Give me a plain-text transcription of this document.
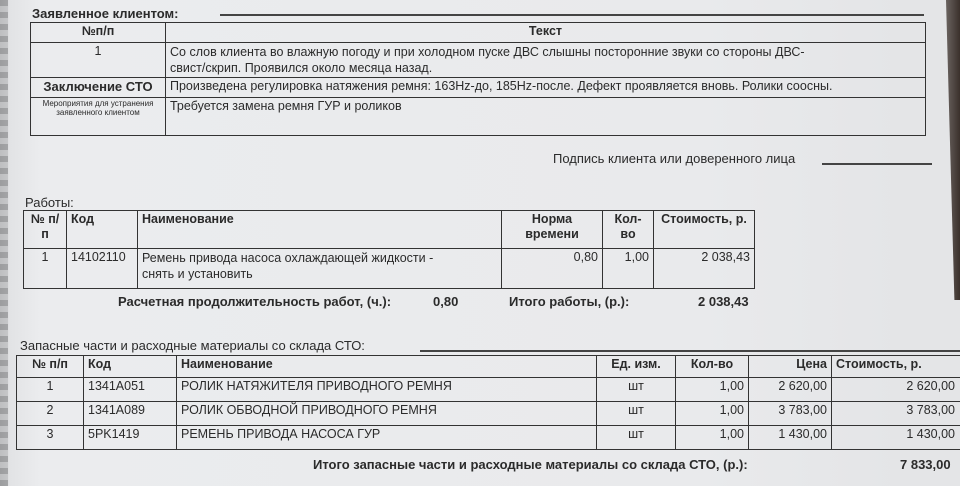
Заявленное клиентом:
№п/п	Текст
1	Со слов клиента во влажную погоду и при холодном пуске ДВС слышны посторонние звуки со стороны ДВС-
свист/скрип. Проявился около месяца назад.

Заключение СТО	Произведена регулировка натяжения ремня: 163Hz-до, 185Hz-после. Дефект проявляется вновь. Ролики соосны.
Мероприятия для устранения заявленного клиентом	Требуется замена ремня ГУР и роликов
Подпись клиента или доверенного лица
Работы:
№ п/п	Код	Наименование	Норма времени	Кол-во	Стоимость, р.
1	14102110	Ремень привода насоса охлаждающей жидкости -
снять и установить	0,80	1,00	2 038,43
Расчетная продолжительность работ, (ч.):	0,80	Итого работы, (р.):	2 038,43
Запасные части и расходные материалы со склада СТО:
№ п/п	Код	Наименование	Ед. изм.	Кол-во	Цена	Стоимость, р.
1	1341A051	РОЛИК НАТЯЖИТЕЛЯ ПРИВОДНОГО РЕМНЯ	шт	1,00	2 620,00	2 620,00
2	1341A089	РОЛИК ОБВОДНОЙ ПРИВОДНОГО РЕМНЯ	шт	1,00	3 783,00	3 783,00
3	5PK1419	РЕМЕНЬ ПРИВОДА НАСОСА ГУР	шт	1,00	1 430,00	1 430,00
Итого запасные части и расходные материалы со склада СТО, (р.):	7 833,00
